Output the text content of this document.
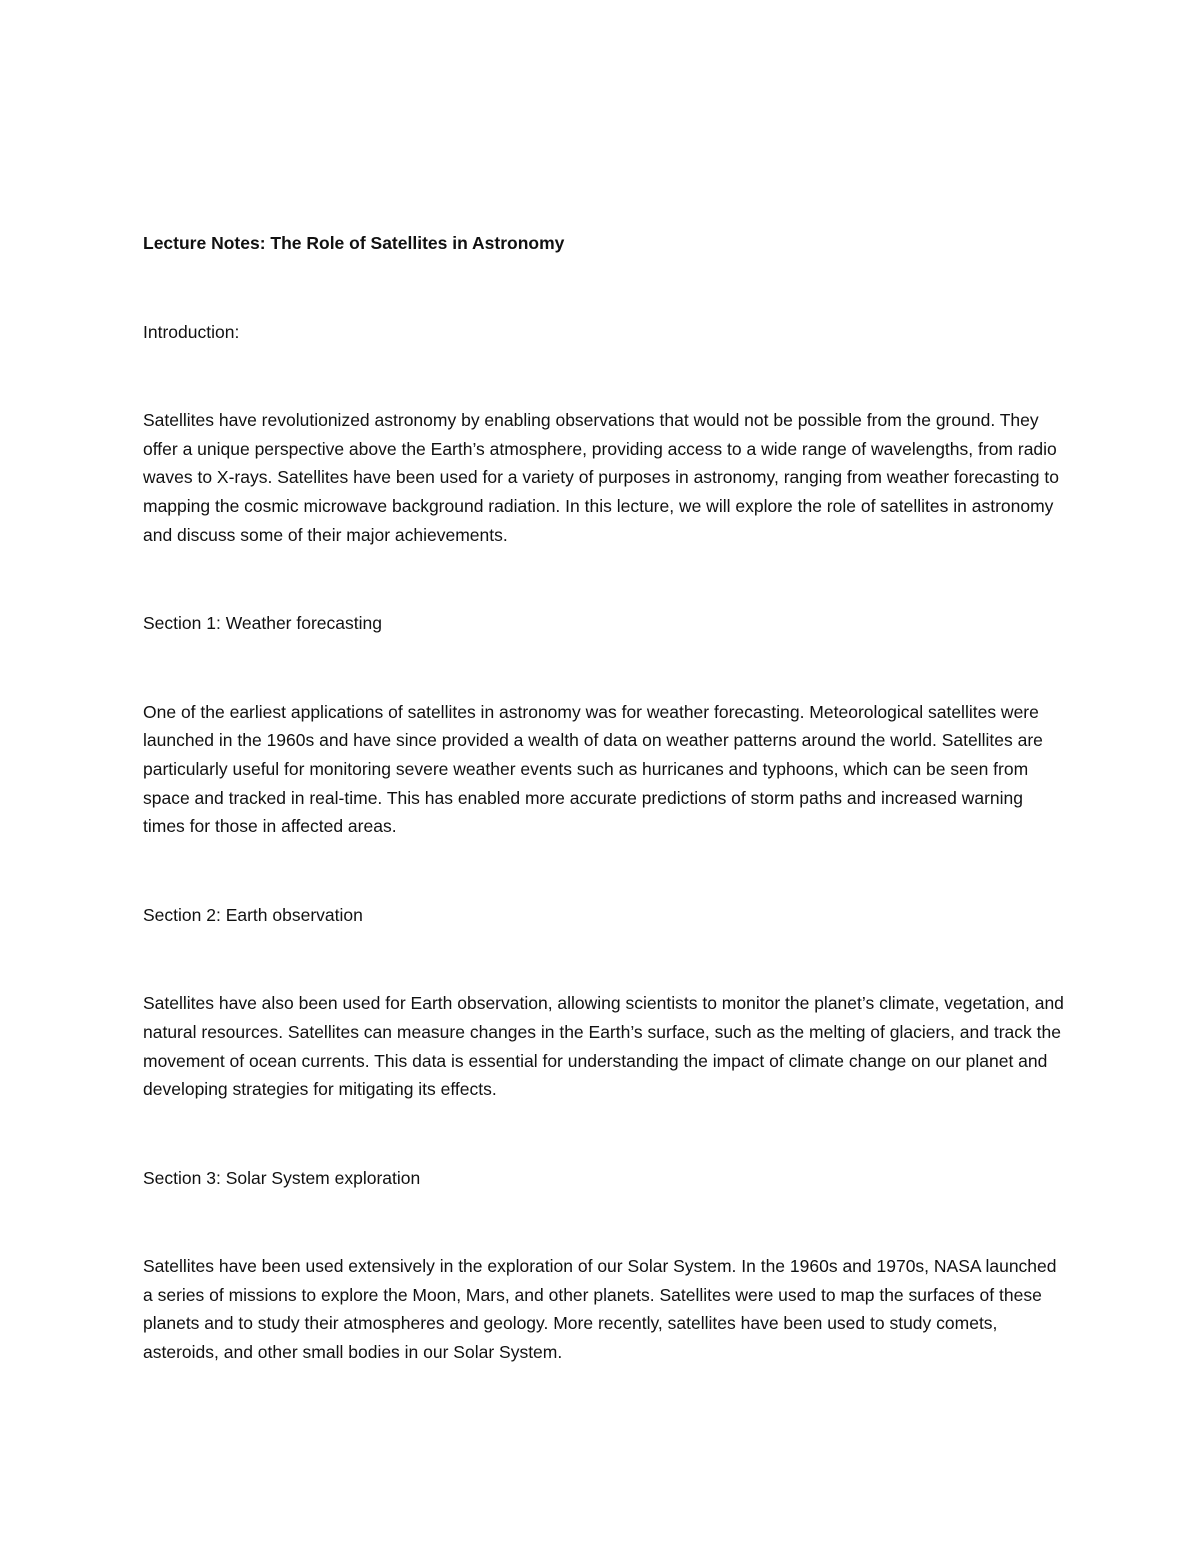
Lecture Notes: The Role of Satellites in Astronomy

Introduction:

Satellites have revolutionized astronomy by enabling observations that would not be possible from the ground. They offer a unique perspective above the Earth’s atmosphere, providing access to a wide range of wavelengths, from radio waves to X-rays. Satellites have been used for a variety of purposes in astronomy, ranging from weather forecasting to mapping the cosmic microwave background radiation. In this lecture, we will explore the role of satellites in astronomy and discuss some of their major achievements.

Section 1: Weather forecasting

One of the earliest applications of satellites in astronomy was for weather forecasting. Meteorological satellites were launched in the 1960s and have since provided a wealth of data on weather patterns around the world. Satellites are particularly useful for monitoring severe weather events such as hurricanes and typhoons, which can be seen from space and tracked in real-time. This has enabled more accurate predictions of storm paths and increased warning times for those in affected areas.

Section 2: Earth observation

Satellites have also been used for Earth observation, allowing scientists to monitor the planet’s climate, vegetation, and natural resources. Satellites can measure changes in the Earth’s surface, such as the melting of glaciers, and track the movement of ocean currents. This data is essential for understanding the impact of climate change on our planet and developing strategies for mitigating its effects.

Section 3: Solar System exploration

Satellites have been used extensively in the exploration of our Solar System. In the 1960s and 1970s, NASA launched a series of missions to explore the Moon, Mars, and other planets. Satellites were used to map the surfaces of these planets and to study their atmospheres and geology. More recently, satellites have been used to study comets, asteroids, and other small bodies in our Solar System.
